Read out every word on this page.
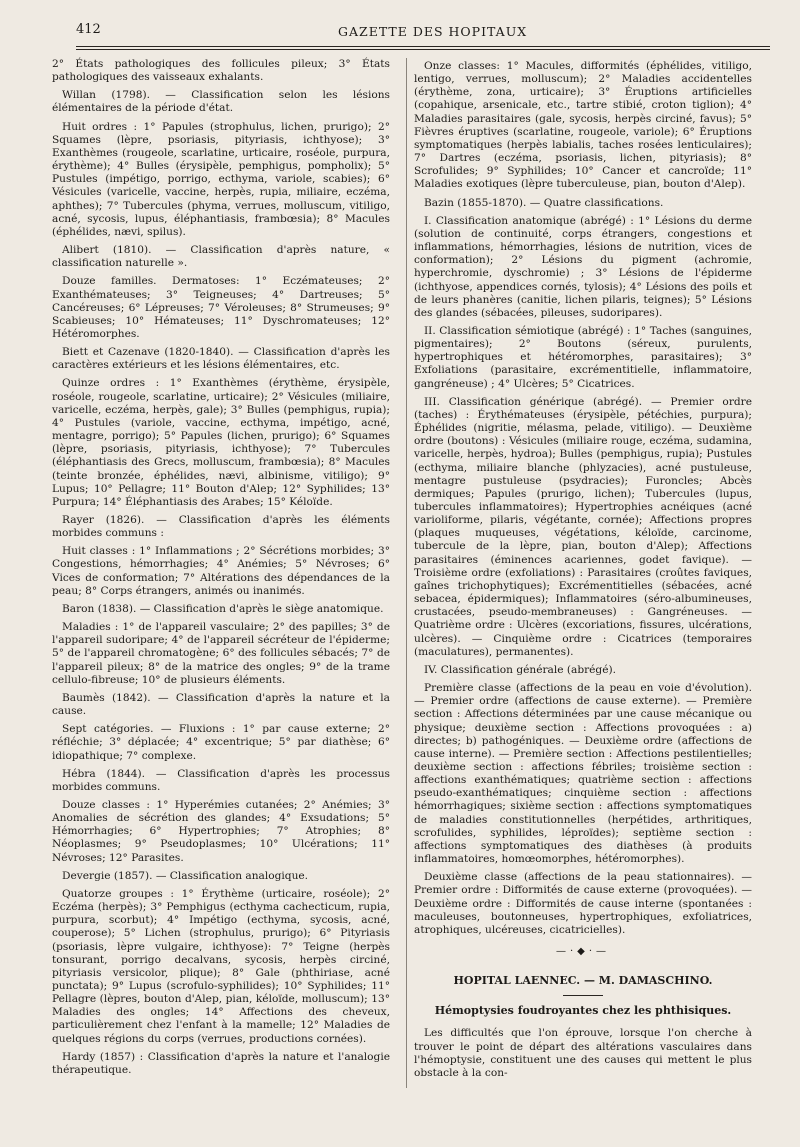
412	GAZETTE DES HOPITAUX

2° États pathologiques des follicules pileux; 3° États pathologiques des vaisseaux exhalants.

Willan (1798). — Classification selon les lésions élémentaires de la période d'état.

Huit ordres : 1° Papules (strophulus, lichen, prurigo); 2° Squames (lèpre, psoriasis, pityriasis, ichthyose); 3° Exanthèmes (rougeole, scarlatine, urticaire, roséole, purpura, érythème); 4° Bulles (érysipèle, pemphigus, pompholix); 5° Pustules (impétigo, porrigo, ecthyma, variole, scabies); 6° Vésicules (varicelle, vaccine, herpès, rupia, miliaire, eczéma, aphthes); 7° Tubercules (phyma, verrues, molluscum, vitiligo, acné, sycosis, lupus, éléphantiasis, frambœsia); 8° Macules (éphélides, nævi, spilus).

Alibert (1810). — Classification d'après nature, « classification naturelle ».

Douze familles. Dermatoses: 1° Eczémateuses; 2° Exanthémateuses; 3° Teigneuses; 4° Dartreuses; 5° Cancéreuses; 6° Lépreuses; 7° Véroleuses; 8° Strumeuses; 9° Scabieuses; 10° Hémateuses; 11° Dyschromateuses; 12° Hétéromorphes.

Biett et Cazenave (1820-1840). — Classification d'après les caractères extérieurs et les lésions élémentaires, etc.

Quinze ordres : 1° Exanthèmes (érythème, érysipèle, roséole, rougeole, scarlatine, urticaire); 2° Vésicules (miliaire, varicelle, eczéma, herpès, gale); 3° Bulles (pemphigus, rupia); 4° Pustules (variole, vaccine, ecthyma, impétigo, acné, mentagre, porrigo); 5° Papules (lichen, prurigo); 6° Squames (lèpre, psoriasis, pityriasis, ichthyose); 7° Tubercules (éléphantiasis des Grecs, molluscum, frambœsia); 8° Macules (teinte bronzée, éphélides, nævi, albinisme, vitiligo); 9° Lupus; 10° Pellagre; 11° Bouton d'Alep; 12° Syphilides; 13° Purpura; 14° Éléphantiasis des Arabes; 15° Kéloïde.

Rayer (1826). — Classification d'après les éléments morbides communs :

Huit classes : 1° Inflammations ; 2° Sécrétions morbides; 3° Congestions, hémorrhagies; 4° Anémies; 5° Névroses; 6° Vices de conformation; 7° Altérations des dépendances de la peau; 8° Corps étrangers, animés ou inanimés.

Baron (1838). — Classification d'après le siège anatomique.

Maladies : 1° de l'appareil vasculaire; 2° des papilles; 3° de l'appareil sudoripare; 4° de l'appareil sécréteur de l'épiderme; 5° de l'appareil chromatogène; 6° des follicules sébacés; 7° de l'appareil pileux; 8° de la matrice des ongles; 9° de la trame cellulo-fibreuse; 10° de plusieurs éléments.

Baumès (1842). — Classification d'après la nature et la cause.

Sept catégories. — Fluxions : 1° par cause externe; 2° réfléchie; 3° déplacée; 4° excentrique; 5° par diathèse; 6° idiopathique; 7° complexe.

Hébra (1844). — Classification d'après les processus morbides communs.

Douze classes : 1° Hyperémies cutanées; 2° Anémies; 3° Anomalies de sécrétion des glandes; 4° Exsudations; 5° Hémorrhagies; 6° Hypertrophies; 7° Atrophies; 8° Néoplasmes; 9° Pseudoplasmes; 10° Ulcérations; 11° Névroses; 12° Parasites.

Devergie (1857). — Classification analogique.

Quatorze groupes : 1° Érythème (urticaire, roséole); 2° Eczéma (herpès); 3° Pemphigus (ecthyma cachecticum, rupia, purpura, scorbut); 4° Impétigo (ecthyma, sycosis, acné, couperose); 5° Lichen (strophulus, prurigo); 6° Pityriasis (psoriasis, lèpre vulgaire, ichthyose): 7° Teigne (herpès tonsurant, porrigo decalvans, sycosis, herpès circiné, pityriasis versicolor, plique); 8° Gale (phthiriase, acné punctata); 9° Lupus (scrofulo-syphilides); 10° Syphilides; 11° Pellagre (lèpres, bouton d'Alep, pian, kéloïde, molluscum); 13° Maladies des ongles; 14° Affections des cheveux, particulièrement chez l'enfant à la mamelle; 12° Maladies de quelques régions du corps (verrues, productions cornées).

Hardy (1857) : Classification d'après la nature et l'analogie thérapeutique.

Onze classes: 1° Macules, difformités (éphélides, vitiligo, lentigo, verrues, molluscum); 2° Maladies accidentelles (érythème, zona, urticaire); 3° Éruptions artificielles (copahique, arsenicale, etc., tartre stibié, croton tiglion); 4° Maladies parasitaires (gale, sycosis, herpès circiné, favus); 5° Fièvres éruptives (scarlatine, rougeole, variole); 6° Éruptions symptomatiques (herpès labialis, taches rosées lenticulaires); 7° Dartres (eczéma, psoriasis, lichen, pityriasis); 8° Scrofulides; 9° Syphilides; 10° Cancer et cancroïde; 11° Maladies exotiques (lèpre tuberculeuse, pian, bouton d'Alep).

Bazin (1855-1870). — Quatre classifications.

I. Classification anatomique (abrégé) : 1° Lésions du derme (solution de continuité, corps étrangers, congestions et inflammations, hémorrhagies, lésions de nutrition, vices de conformation); 2° Lésions du pigment (achromie, hyperchromie, dyschromie) ; 3° Lésions de l'épiderme (ichthyose, appendices cornés, tylosis); 4° Lésions des poils et de leurs phanères (canitie, lichen pilaris, teignes); 5° Lésions des glandes (sébacées, pileuses, sudoripares).

II. Classification sémiotique (abrégé) : 1° Taches (sanguines, pigmentaires); 2° Boutons (séreux, purulents, hypertrophiques et hétéromorphes, parasitaires); 3° Exfoliations (parasitaire, excrémentitielle, inflammatoire, gangréneuse) ; 4° Ulcères; 5° Cicatrices.

III. Classification générique (abrégé). — Premier ordre (taches) : Érythémateuses (érysipèle, pétéchies, purpura); Éphélides (nigritie, mélasma, pelade, vitiligo). — Deuxième ordre (boutons) : Vésicules (miliaire rouge, eczéma, sudamina, varicelle, herpès, hydroa); Bulles (pemphigus, rupia); Pustules (ecthyma, miliaire blanche (phlyzacies), acné pustuleuse, mentagre pustuleuse (psydracies); Furoncles; Abcès dermiques; Papules (prurigo, lichen); Tubercules (lupus, tubercules inflammatoires); Hypertrophies acnéiques (acné varioliforme, pilaris, végétante, cornée); Affections propres (plaques muqueuses, végétations, kéloïde, carcinome, tubercule de la lèpre, pian, bouton d'Alep); Affections parasitaires (éminences acariennes, godet favique). — Troisième ordre (exfoliations) : Parasitaires (croûtes faviques, gaînes trichophytiques); Excrémentitielles (sébacées, acné sebacea, épidermiques); Inflammatoires (séro-albumineuses, crustacées, pseudo-membraneuses) : Gangréneuses. — Quatrième ordre : Ulcères (excoriations, fissures, ulcérations, ulcères). — Cinquième ordre : Cicatrices (temporaires (maculatures), permanentes).

IV. Classification générale (abrégé).

Première classe (affections de la peau en voie d'évolution). — Premier ordre (affections de cause externe). — Première section : Affections déterminées par une cause mécanique ou physique; deuxième section : Affections provoquées : a) directes; b) pathogéniques. — Deuxième ordre (affections de cause interne). — Première section : Affections pestilentielles; deuxième section : affections fébriles; troisième section : affections exanthématiques; quatrième section : affections pseudo-exanthématiques; cinquième section : affections hémorrhagiques; sixième section : affections symptomatiques de maladies constitutionnelles (herpétides, arthritiques, scrofulides, syphilides, léproïdes); septième section : affections symptomatiques des diathèses (à produits inflammatoires, homœomorphes, hétéromorphes).

Deuxième classe (affections de la peau stationnaires). — Premier ordre : Difformités de cause externe (provoquées). — Deuxième ordre : Difformités de cause interne (spontanées : maculeuses, boutonneuses, hypertrophiques, exfoliatrices, atrophiques, ulcéreuses, cicatricielles).

—·◆·—
HOPITAL LAENNEC. — M. DAMASCHINO.
Hémoptysies foudroyantes chez les phthisiques.

Les difficultés que l'on éprouve, lorsque l'on cherche à trouver le point de départ des altérations vasculaires dans l'hémoptysie, constituent une des causes qui mettent le plus obstacle à la con-
